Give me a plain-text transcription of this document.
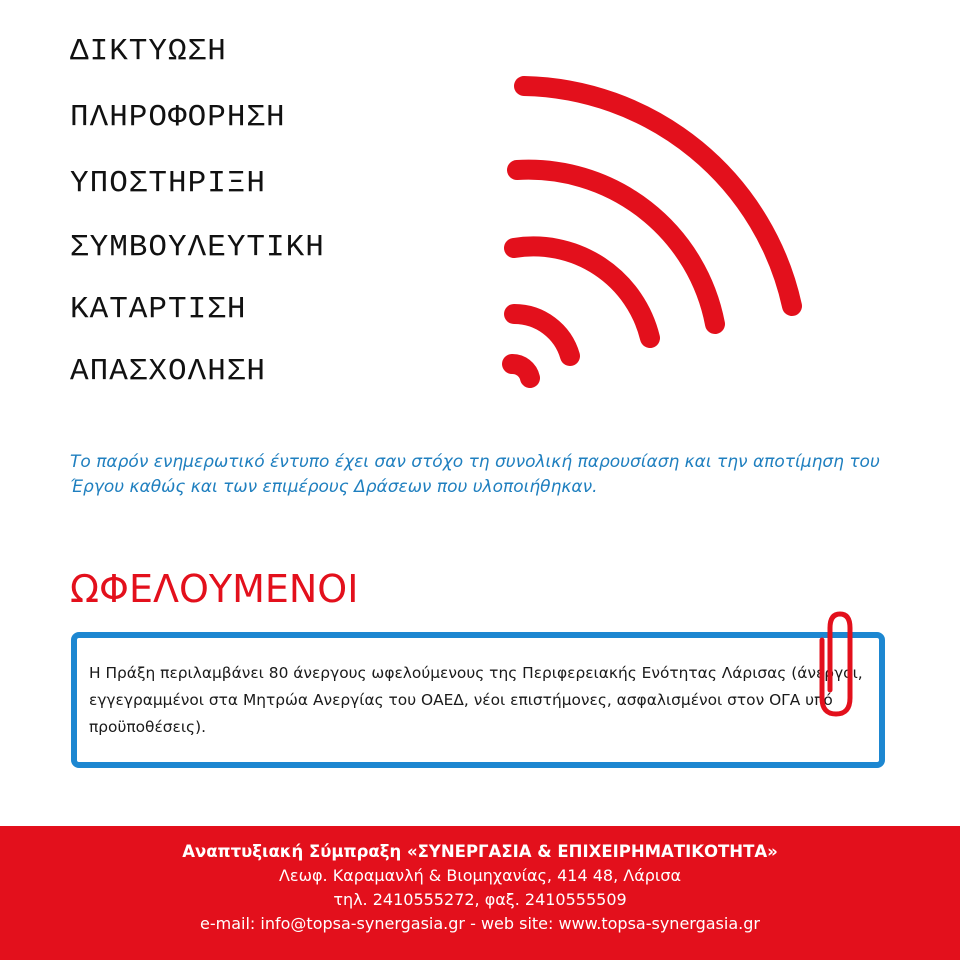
ΔΙΚΤΥΩΣΗ
ΠΛΗΡΟΦΟΡΗΣΗ
ΥΠΟΣΤΗΡΙΞΗ
ΣΥΜΒΟΥΛΕΥΤΙΚΗ
ΚΑΤΑΡΤΙΣΗ
ΑΠΑΣΧΟΛΗΣΗ

Το παρόν ενημερωτικό έντυπο έχει σαν στόχο τη συνολική παρουσίαση και την αποτίμηση του Έργου καθώς και των επιμέρους Δράσεων που υλοποιήθηκαν.

ΩΦΕΛΟΥΜΕΝΟΙ

Η Πράξη περιλαμβάνει 80 άνεργους ωφελούμενους της Περιφερειακής Ενότητας Λάρισας (άνεργοι, εγγεγραμμένοι στα Μητρώα Ανεργίας του ΟΑΕΔ, νέοι επιστήμονες, ασφαλισμένοι στον ΟΓΑ υπό προϋποθέσεις).

Αναπτυξιακή Σύμπραξη «ΣΥΝΕΡΓΑΣΙΑ & ΕΠΙΧΕΙΡΗΜΑΤΙΚΟΤΗΤΑ»

Λεωφ. Καραμανλή & Βιομηχανίας, 414 48, Λάρισα

τηλ. 2410555272, φαξ. 2410555509

e-mail: info@topsa-synergasia.gr - web site: www.topsa-synergasia.gr
